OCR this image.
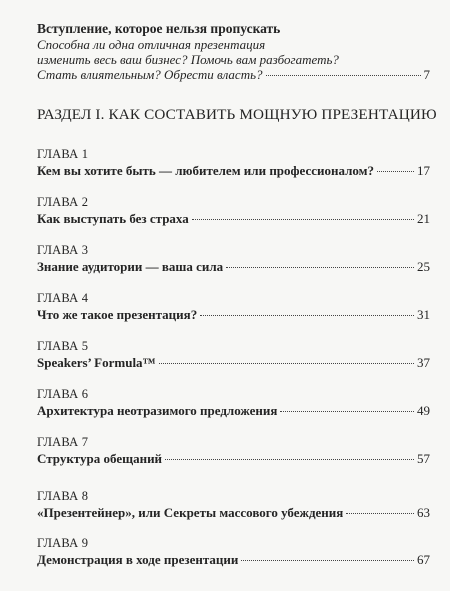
Вступление, которое нельзя пропускать
Способна ли одна отличная презентация
изменить весь ваш бизнес? Помочь вам разбогатеть?
Стать влиятельным? Обрести власть?	7
РАЗДЕЛ I. КАК СОСТАВИТЬ МОЩНУЮ ПРЕЗЕНТАЦИЮ
ГЛАВА 1
Кем вы хотите быть — любителем или профессионалом?	17
ГЛАВА 2
Как выступать без страха	21
ГЛАВА 3
Знание аудитории — ваша сила	25
ГЛАВА 4
Что же такое презентация?	31
ГЛАВА 5
Speakers’ Formula™	37
ГЛАВА 6
Архитектура неотразимого предложения	49
ГЛАВА 7
Структура обещаний	57
ГЛАВА 8
«Презентейнер», или Секреты массового убеждения	63
ГЛАВА 9
Демонстрация в ходе презентации	67
